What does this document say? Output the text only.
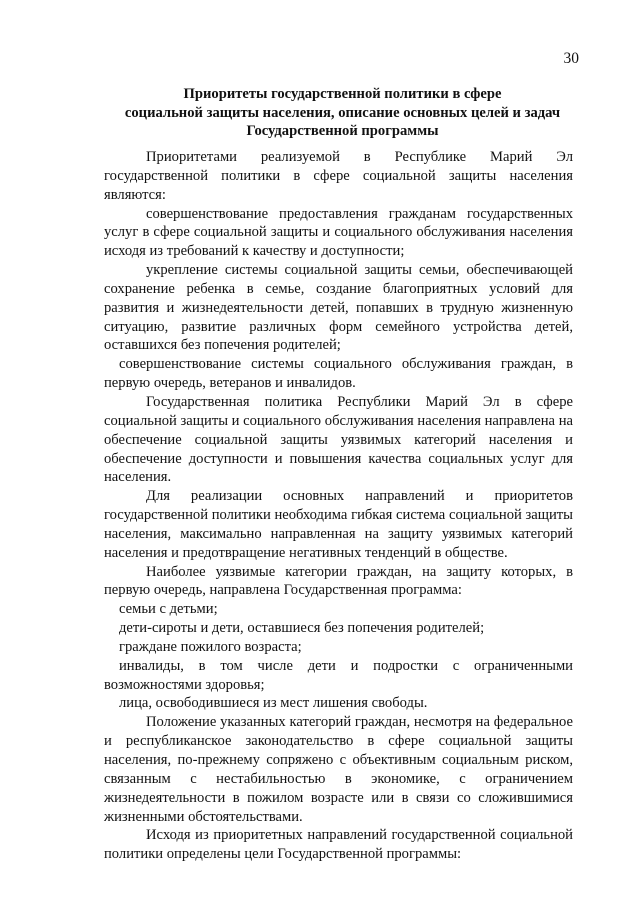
30
Приоритеты государственной политики в сфере
социальной защиты населения, описание основных целей и задач
Государственной программы

Приоритетами реализуемой в Республике Марий Эл государственной политики в сфере социальной защиты населения являются:

совершенствование предоставления гражданам государственных услуг в сфере социальной защиты и социального обслуживания населения исходя из требований к качеству и доступности;

укрепление системы социальной защиты семьи, обеспечивающей сохранение ребенка в семье, создание благоприятных условий для развития и жизнедеятельности детей, попавших в трудную жизненную ситуацию, развитие различных форм семейного устройства детей, оставшихся без попечения родителей;

совершенствование системы социального обслуживания граждан, в первую очередь, ветеранов и инвалидов.

Государственная политика Республики Марий Эл в сфере социальной защиты и социального обслуживания населения направлена на обеспечение социальной защиты уязвимых категорий населения и обеспечение доступности и повышения качества социальных услуг для населения.

Для реализации основных направлений и приоритетов государственной политики необходима гибкая система социальной защиты населения, максимально направленная на защиту уязвимых категорий населения и предотвращение негативных тенденций в обществе.

Наиболее уязвимые категории граждан, на защиту которых, в первую очередь, направлена Государственная программа:

семьи с детьми;

дети-сироты и дети, оставшиеся без попечения родителей;

граждане пожилого возраста;

инвалиды, в том числе дети и подростки с ограниченными возможностями здоровья;

лица, освободившиеся из мест лишения свободы.

Положение указанных категорий граждан, несмотря на федеральное и республиканское законодательство в сфере социальной защиты населения, по-прежнему сопряжено с объективным социальным риском, связанным с нестабильностью в экономике, с ограничением жизнедеятельности в пожилом возрасте или в связи со сложившимися жизненными обстоятельствами.

Исходя из приоритетных направлений государственной социальной политики определены цели Государственной программы:
